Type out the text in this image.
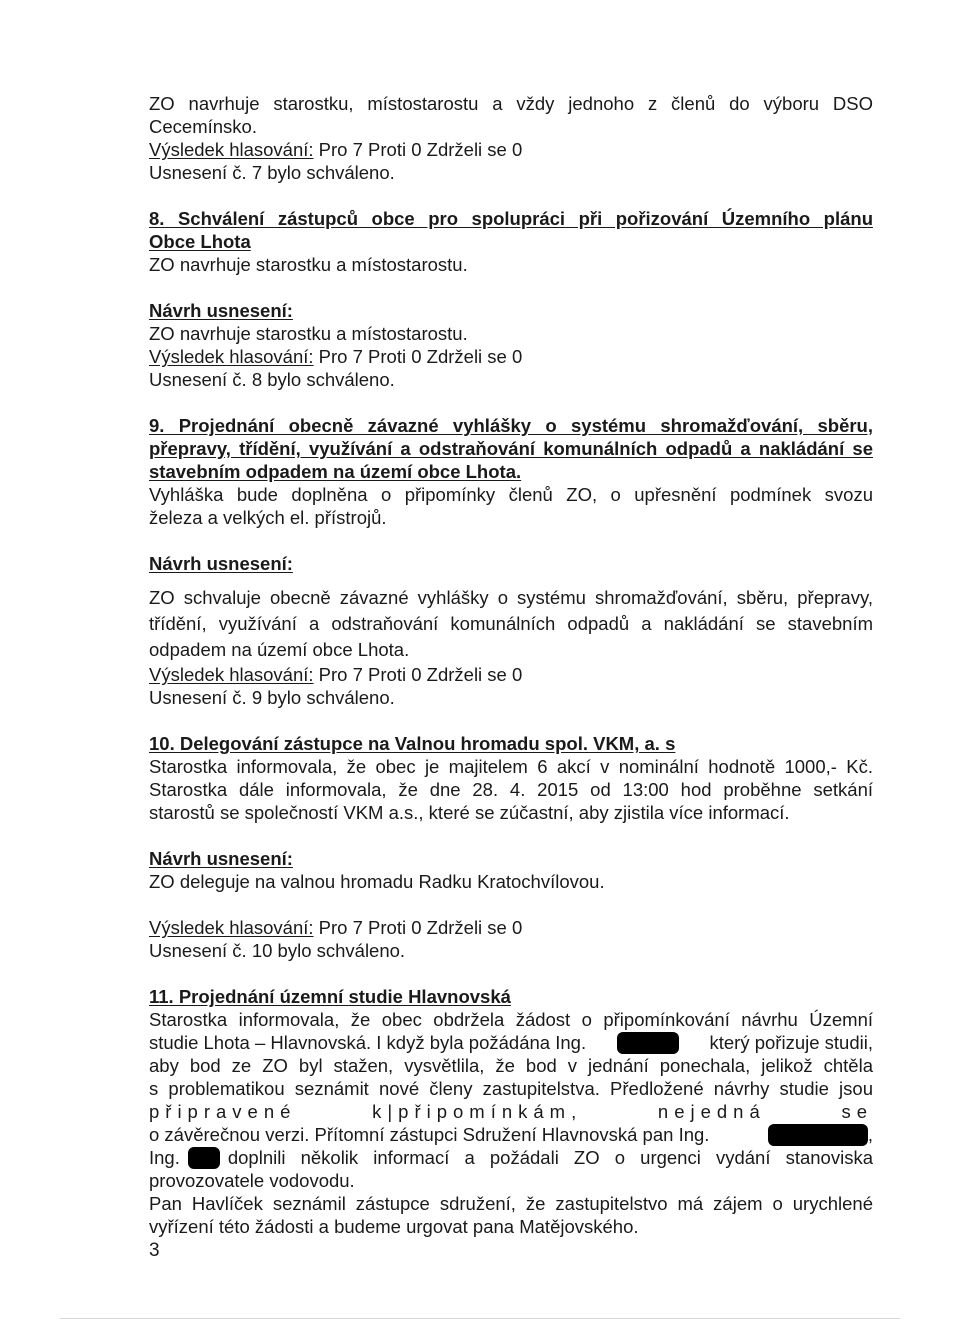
ZO navrhuje starostku, místostarostu a vždy jednoho z členů do výboru DSO
Cecemínsko.
Výsledek hlasování: Pro 7 Proti 0 Zdrželi se 0
Usnesení č. 7 bylo schváleno.
8. Schválení zástupců obce pro spolupráci při pořizování Územního plánu
Obce Lhota
ZO navrhuje starostku a místostarostu.
Návrh usnesení:
ZO navrhuje starostku a místostarostu.
Výsledek hlasování: Pro 7 Proti 0 Zdrželi se 0
Usnesení č. 8 bylo schváleno.
9. Projednání obecně závazné vyhlášky o systému shromažďování, sběru,
přepravy, třídění, využívání a odstraňování komunálních odpadů a nakládání se
stavebním odpadem na území obce Lhota.
Vyhláška bude doplněna o připomínky členů ZO, o upřesnění podmínek svozu
železa a velkých el. přístrojů.
Návrh usnesení:
ZO schvaluje obecně závazné vyhlášky o systému shromažďování, sběru, přepravy,
třídění, využívání a odstraňování komunálních odpadů a nakládání se stavebním
odpadem na území obce Lhota.
Výsledek hlasování: Pro 7 Proti 0 Zdrželi se 0
Usnesení č. 9 bylo schváleno.
10. Delegování zástupce na Valnou hromadu spol. VKM, a. s
Starostka informovala, že obec je majitelem 6 akcí v nominální hodnotě 1000,- Kč.
Starostka dále informovala, že dne 28. 4. 2015 od 13:00 hod proběhne setkání
starostů se společností VKM a.s., které se zúčastní, aby zjistila více informací.
Návrh usnesení:
ZO deleguje na valnou hromadu Radku Kratochvílovou.
Výsledek hlasování: Pro 7 Proti 0 Zdrželi se 0
Usnesení č. 10 bylo schváleno.
11. Projednání územní studie Hlavnovská
Starostka informovala, že obec obdržela žádost o připomínkování návrhu Územní
studie Lhota – Hlavnovská. I když byla požádána Ing.	který pořizuje studii,
aby bod ze ZO byl stažen, vysvětlila, že bod v jednání ponechala, jelikož chtěla
s problematikou seznámit nové členy zastupitelstva. Předložené návrhy studie jsou
připravené k|připomínkám, nejedná se
o závěrečnou verzi. Přítomní zástupci Sdružení Hlavnovská pan Ing.	,
Ing.	doplnili několik informací a požádali ZO o urgenci vydání stanoviska
provozovatele vodovodu.
Pan Havlíček seznámil zástupce sdružení, že zastupitelstvo má zájem o urychlené
vyřízení této žádosti a budeme urgovat pana Matějovského.
3
